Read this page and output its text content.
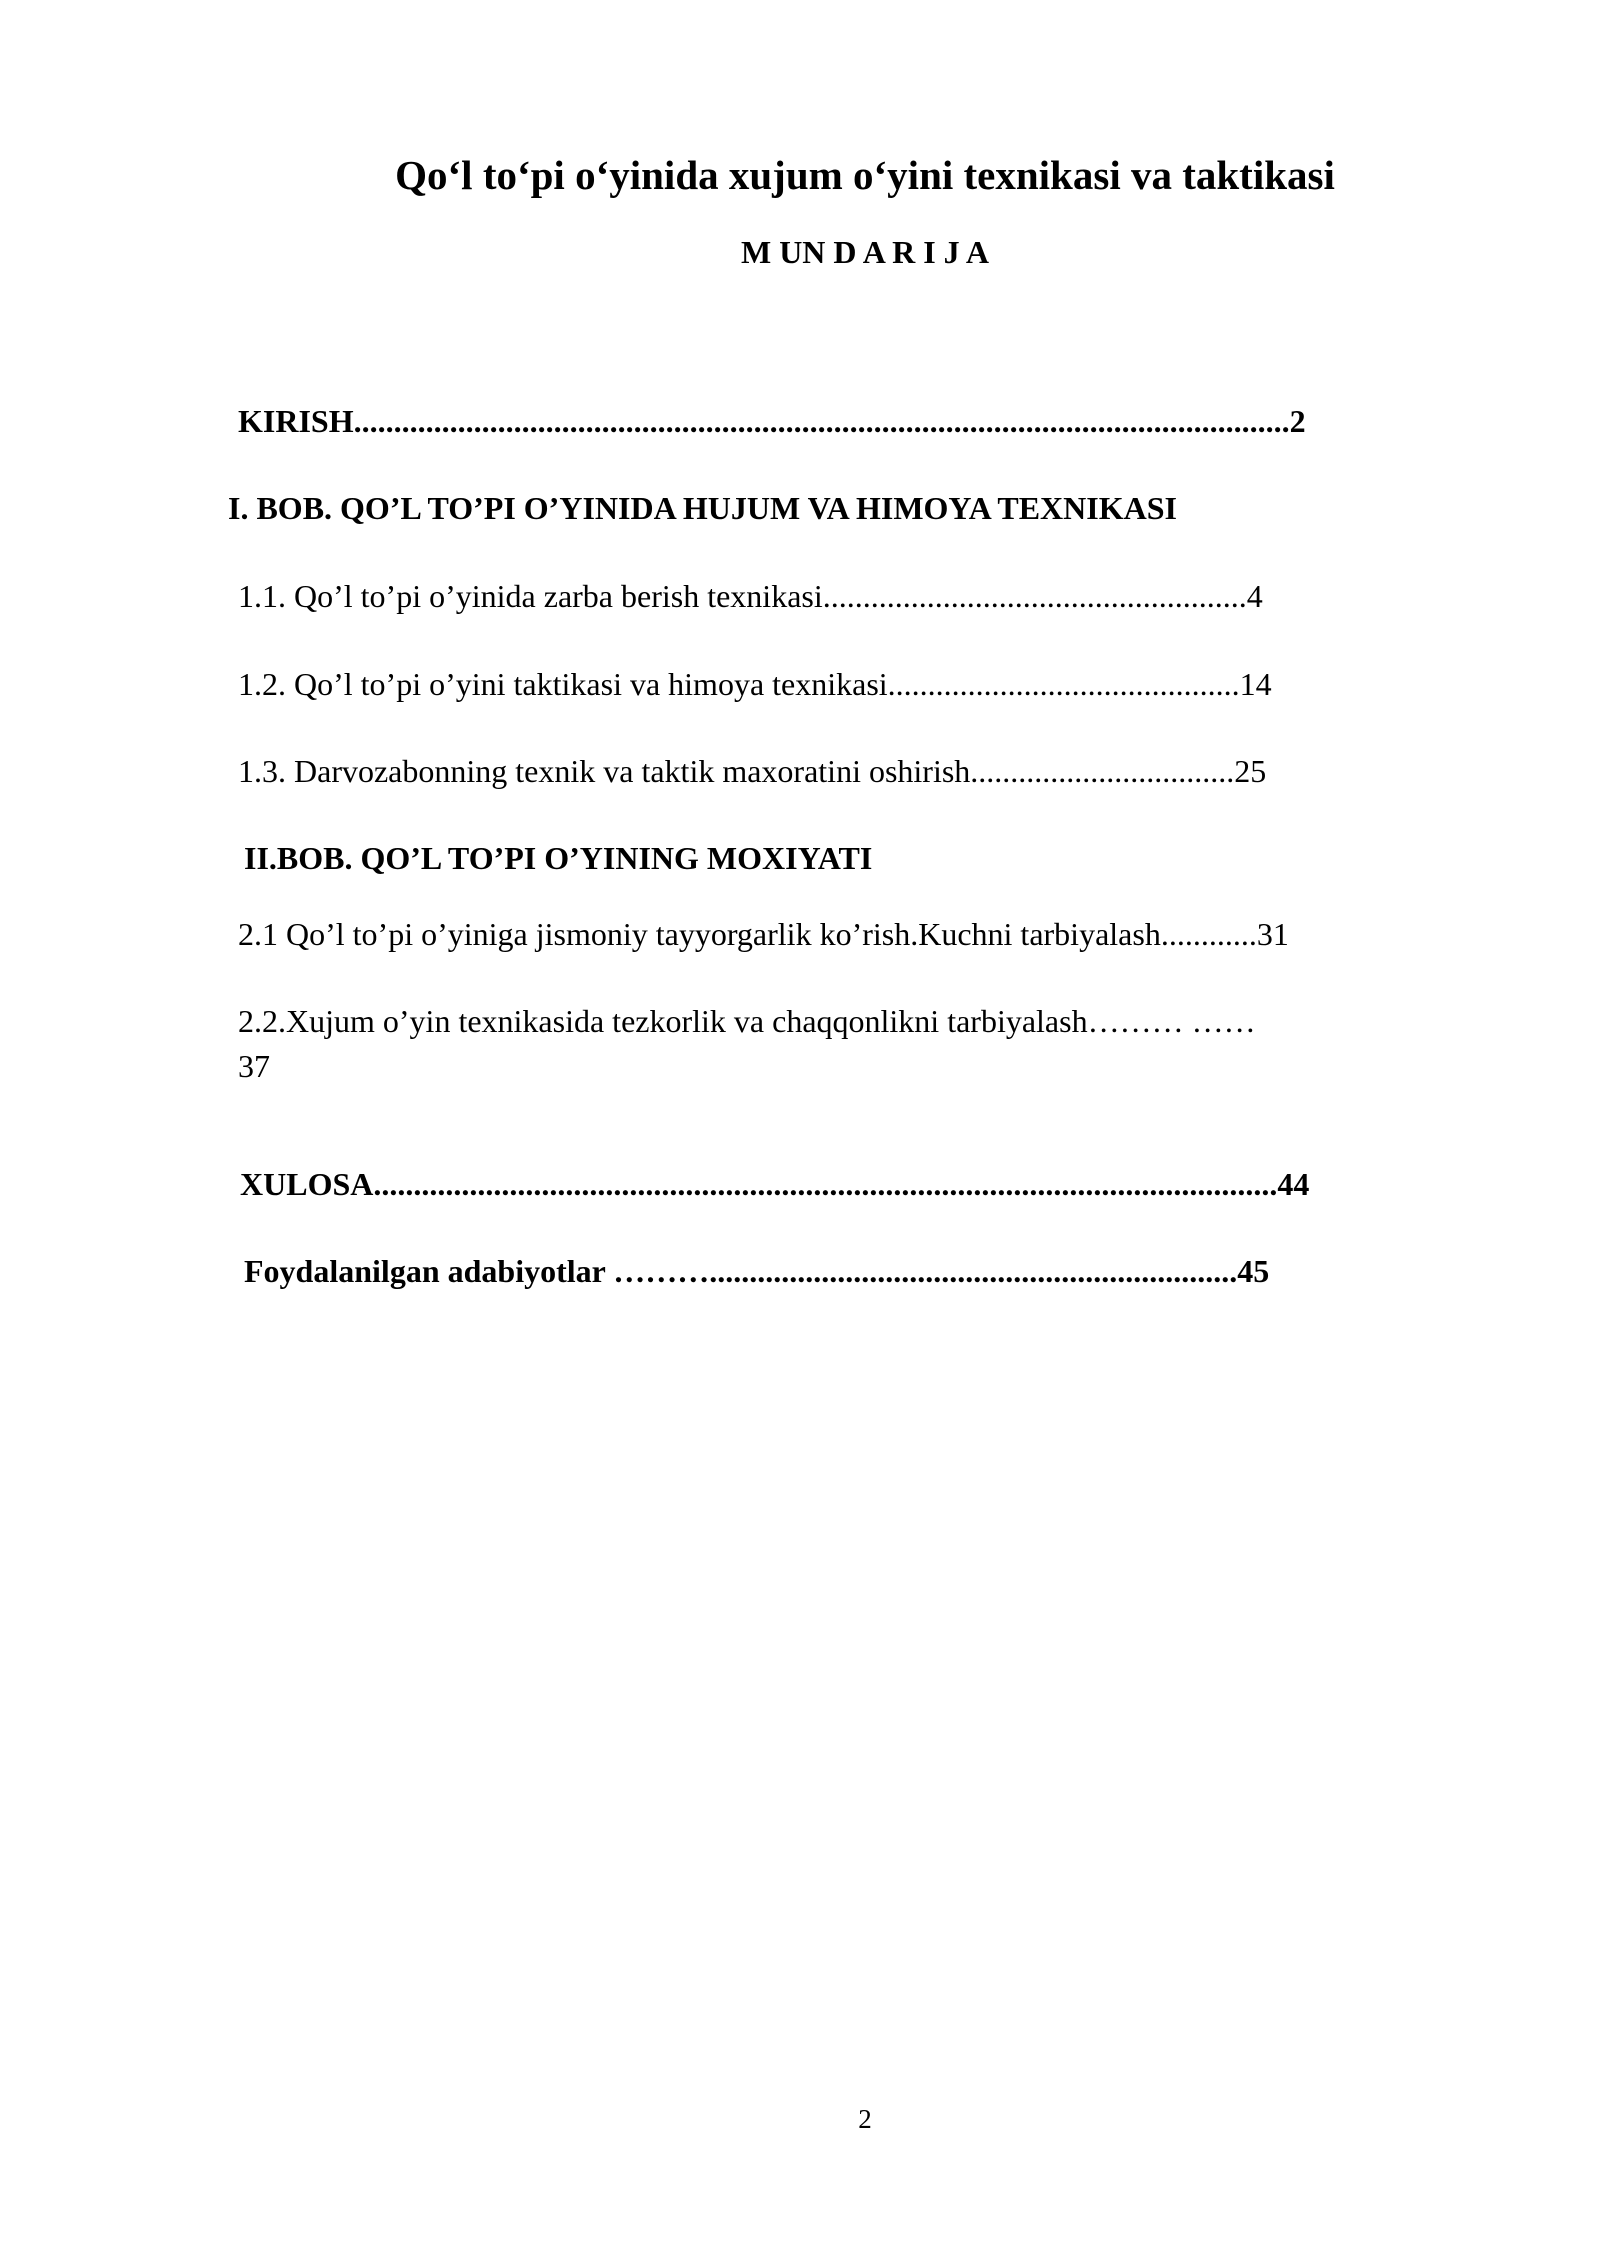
Qo‘l to‘pi o‘yinida xujum o‘yini texnikasi va taktikasi
M UN D A R I J A
KIRISH.....................................................................................................................2
I. BOB. QO’L TO’PI O’YINIDA HUJUM VA HIMOYA TEXNIKASI
1.1. Qo’l to’pi o’yinida zarba berish texnikasi.....................................................4
1.2. Qo’l to’pi o’yini taktikasi va himoya texnikasi............................................14
1.3. Darvozabonning texnik va taktik maxoratini oshirish.................................25
II.BOB. QO’L TO’PI O’YINING MOXIYATI
2.1 Qo’l to’pi o’yiniga jismoniy tayyorgarlik ko’rish.Kuchni tarbiyalash............31
2.2.Xujum o’yin texnikasida tezkorlik va chaqqonlikni tarbiyalash……… ……
37
XULOSA.................................................................................................................44
Foydalanilgan adabiyotlar ………..................................................................45
2
